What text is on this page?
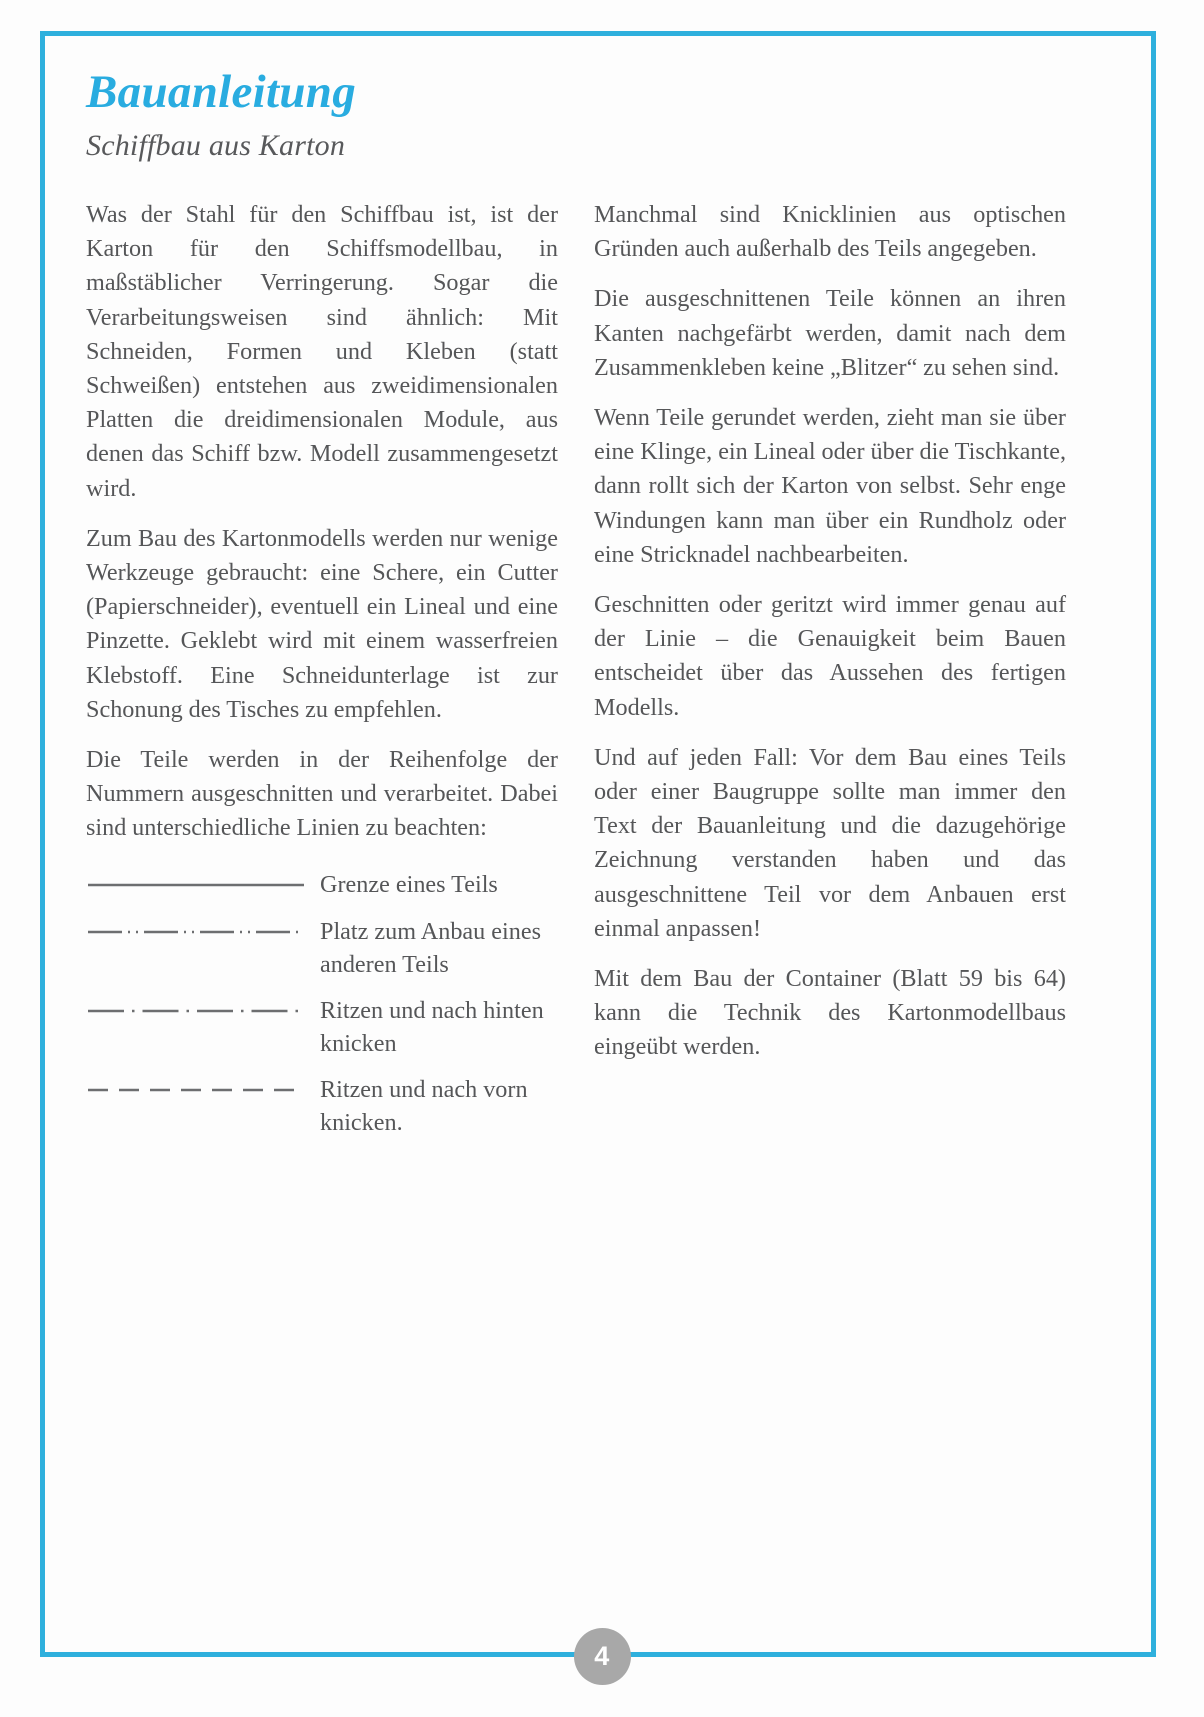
Bauanleitung
Schiffbau aus Karton

Was der Stahl für den Schiffbau ist, ist der Karton für den Schiffsmodellbau, in maßstäblicher Verringerung. Sogar die Verarbeitungsweisen sind ähnlich: Mit Schneiden, Formen und Kleben (statt Schweißen) entstehen aus zweidimensionalen Platten die dreidimensionalen Module, aus denen das Schiff bzw. Modell zusammengesetzt wird.

Zum Bau des Kartonmodells werden nur wenige Werkzeuge gebraucht: eine Schere, ein Cutter (Papierschneider), eventuell ein Lineal und eine Pinzette. Geklebt wird mit einem wasserfreien Klebstoff. Eine Schneidunterlage ist zur Schonung des Tisches zu empfehlen.

Die Teile werden in der Reihenfolge der Nummern ausgeschnitten und verarbeitet. Dabei sind unterschiedliche Linien zu beachten:

Grenze eines Teils
Platz zum Anbau eines anderen Teils
Ritzen und nach hinten knicken
Ritzen und nach vorn knicken.

Manchmal sind Knicklinien aus optischen Gründen auch außerhalb des Teils angegeben.

Die ausgeschnittenen Teile können an ihren Kanten nachgefärbt werden, damit nach dem Zusammenkleben keine „Blitzer“ zu sehen sind.

Wenn Teile gerundet werden, zieht man sie über eine Klinge, ein Lineal oder über die Tischkante, dann rollt sich der Karton von selbst. Sehr enge Windungen kann man über ein Rundholz oder eine Stricknadel nachbearbeiten.

Geschnitten oder geritzt wird immer genau auf der Linie – die Genauigkeit beim Bauen entscheidet über das Aussehen des fertigen Modells.

Und auf jeden Fall: Vor dem Bau eines Teils oder einer Baugruppe sollte man immer den Text der Bauanleitung und die dazugehörige Zeichnung verstanden haben und das ausgeschnittene Teil vor dem Anbauen erst einmal anpassen!

Mit dem Bau der Container (Blatt 59 bis 64) kann die Technik des Kartonmodellbaus eingeübt werden.

4
